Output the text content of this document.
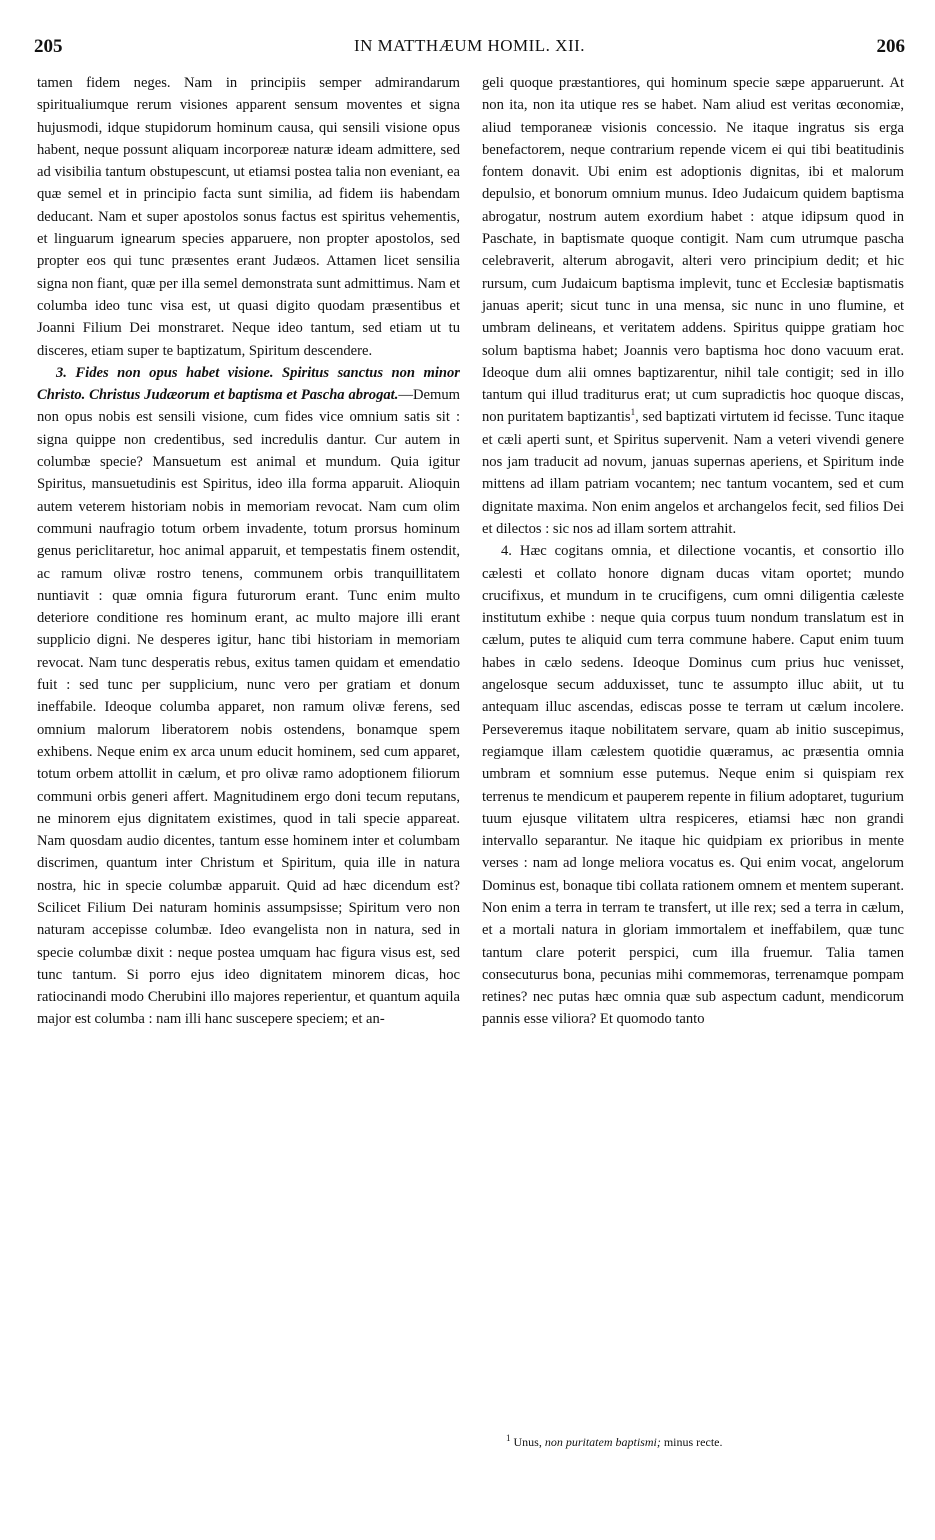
205	IN MATTHÆUM HOMIL. XII.	206

tamen fidem neges. Nam in principiis semper admirandarum spiritualiumque rerum visiones apparent sensum moventes et signa hujusmodi, idque stupidorum hominum causa, qui sensili visione opus habent, neque possunt aliquam incorporeæ naturæ ideam admittere, sed ad visibilia tantum obstupescunt, ut etiamsi postea talia non eveniant, ea quæ semel et in principio facta sunt similia, ad fidem iis habendam deducant. Nam et super apostolos sonus factus est spiritus vehementis, et linguarum ignearum species apparuere, non propter apostolos, sed propter eos qui tunc præsentes erant Judæos. Attamen licet sensilia signa non fiant, quæ per illa semel demonstrata sunt admittimus. Nam et columba ideo tunc visa est, ut quasi digito quodam præsentibus et Joanni Filium Dei monstraret. Neque ideo tantum, sed etiam ut tu disceres, etiam super te baptizatum, Spiritum descendere.

3. Fides non opus habet visione. Spiritus sanctus non minor Christo. Christus Judæorum et baptisma et Pascha abrogat.—Demum non opus nobis est sensili visione, cum fides vice omnium satis sit : signa quippe non credentibus, sed incredulis dantur. Cur autem in columbæ specie? Mansuetum est animal et mundum. Quia igitur Spiritus, mansuetudinis est Spiritus, ideo illa forma apparuit. Alioquin autem veterem historiam nobis in memoriam revocat. Nam cum olim communi naufragio totum orbem invadente, totum prorsus hominum genus periclitaretur, hoc animal apparuit, et tempestatis finem ostendit, ac ramum olivæ rostro tenens, communem orbis tranquillitatem nuntiavit : quæ omnia figura futurorum erant. Tunc enim multo deteriore conditione res hominum erant, ac multo majore illi erant supplicio digni. Ne desperes igitur, hanc tibi historiam in memoriam revocat. Nam tunc desperatis rebus, exitus tamen quidam et emendatio fuit : sed tunc per supplicium, nunc vero per gratiam et donum ineffabile. Ideoque columba apparet, non ramum olivæ ferens, sed omnium malorum liberatorem nobis ostendens, bonamque spem exhibens. Neque enim ex arca unum educit hominem, sed cum apparet, totum orbem attollit in cælum, et pro olivæ ramo adoptionem filiorum communi orbis generi affert. Magnitudinem ergo doni tecum reputans, ne minorem ejus dignitatem existimes, quod in tali specie appareat. Nam quosdam audio dicentes, tantum esse hominem inter et columbam discrimen, quantum inter Christum et Spiritum, quia ille in natura nostra, hic in specie columbæ apparuit. Quid ad hæc dicendum est? Scilicet Filium Dei naturam hominis assumpsisse; Spiritum vero non naturam accepisse columbæ. Ideo evangelista non in natura, sed in specie columbæ dixit : neque postea umquam hac figura visus est, sed tunc tantum. Si porro ejus ideo dignitatem minorem dicas, hoc ratiocinandi modo Cherubini illo majores reperientur, et quantum aquila major est columba : nam illi hanc suscepere speciem; et an-

geli quoque præstantiores, qui hominum specie sæpe apparuerunt. At non ita, non ita utique res se habet. Nam aliud est veritas œconomiæ, aliud temporaneæ visionis concessio. Ne itaque ingratus sis erga benefactorem, neque contrarium repende vicem ei qui tibi beatitudinis fontem donavit. Ubi enim est adoptionis dignitas, ibi et malorum depulsio, et bonorum omnium munus. Ideo Judaicum quidem baptisma abrogatur, nostrum autem exordium habet : atque idipsum quod in Paschate, in baptismate quoque contigit. Nam cum utrumque pascha celebraverit, alterum abrogavit, alteri vero principium dedit; et hic rursum, cum Judaicum baptisma implevit, tunc et Ecclesiæ baptismatis januas aperit; sicut tunc in una mensa, sic nunc in uno flumine, et umbram delineans, et veritatem addens. Spiritus quippe gratiam hoc solum baptisma habet; Joannis vero baptisma hoc dono vacuum erat. Ideoque dum alii omnes baptizarentur, nihil tale contigit; sed in illo tantum qui illud traditurus erat; ut cum supradictis hoc quoque discas, non puritatem baptizantis$^1$, sed baptizati virtutem id fecisse. Tunc itaque et cæli aperti sunt, et Spiritus supervenit. Nam a veteri vivendi genere nos jam traducit ad novum, januas supernas aperiens, et Spiritum inde mittens ad illam patriam vocantem; nec tantum vocantem, sed et cum dignitate maxima. Non enim angelos et archangelos fecit, sed filios Dei et dilectos : sic nos ad illam sortem attrahit.

4. Hæc cogitans omnia, et dilectione vocantis, et consortio illo cælesti et collato honore dignam ducas vitam oportet; mundo crucifixus, et mundum in te crucifigens, cum omni diligentia cæleste institutum exhibe : neque quia corpus tuum nondum translatum est in cælum, putes te aliquid cum terra commune habere. Caput enim tuum habes in cælo sedens. Ideoque Dominus cum prius huc venisset, angelosque secum adduxisset, tunc te assumpto illuc abiit, ut tu antequam illuc ascendas, ediscas posse te terram ut cælum incolere. Perseveremus itaque nobilitatem servare, quam ab initio suscepimus, regiamque illam cælestem quotidie quæramus, ac præsentia omnia umbram et somnium esse putemus. Neque enim si quispiam rex terrenus te mendicum et pauperem repente in filium adoptaret, tugurium tuum ejusque vilitatem ultra respiceres, etiamsi hæc non grandi intervallo separantur. Ne itaque hic quidpiam ex prioribus in mente verses : nam ad longe meliora vocatus es. Qui enim vocat, angelorum Dominus est, bonaque tibi collata rationem omnem et mentem superant. Non enim a terra in terram te transfert, ut ille rex; sed a terra in cælum, et a mortali natura in gloriam immortalem et ineffabilem, quæ tunc tantum clare poterit perspici, cum illa fruemur. Talia tamen consecuturus bona, pecunias mihi commemoras, terrenamque pompam retines? nec putas hæc omnia quæ sub aspectum cadunt, mendicorum pannis esse viliora? Et quomodo tanto

$^1$ Unus, non puritatem baptismi; minus recte.
